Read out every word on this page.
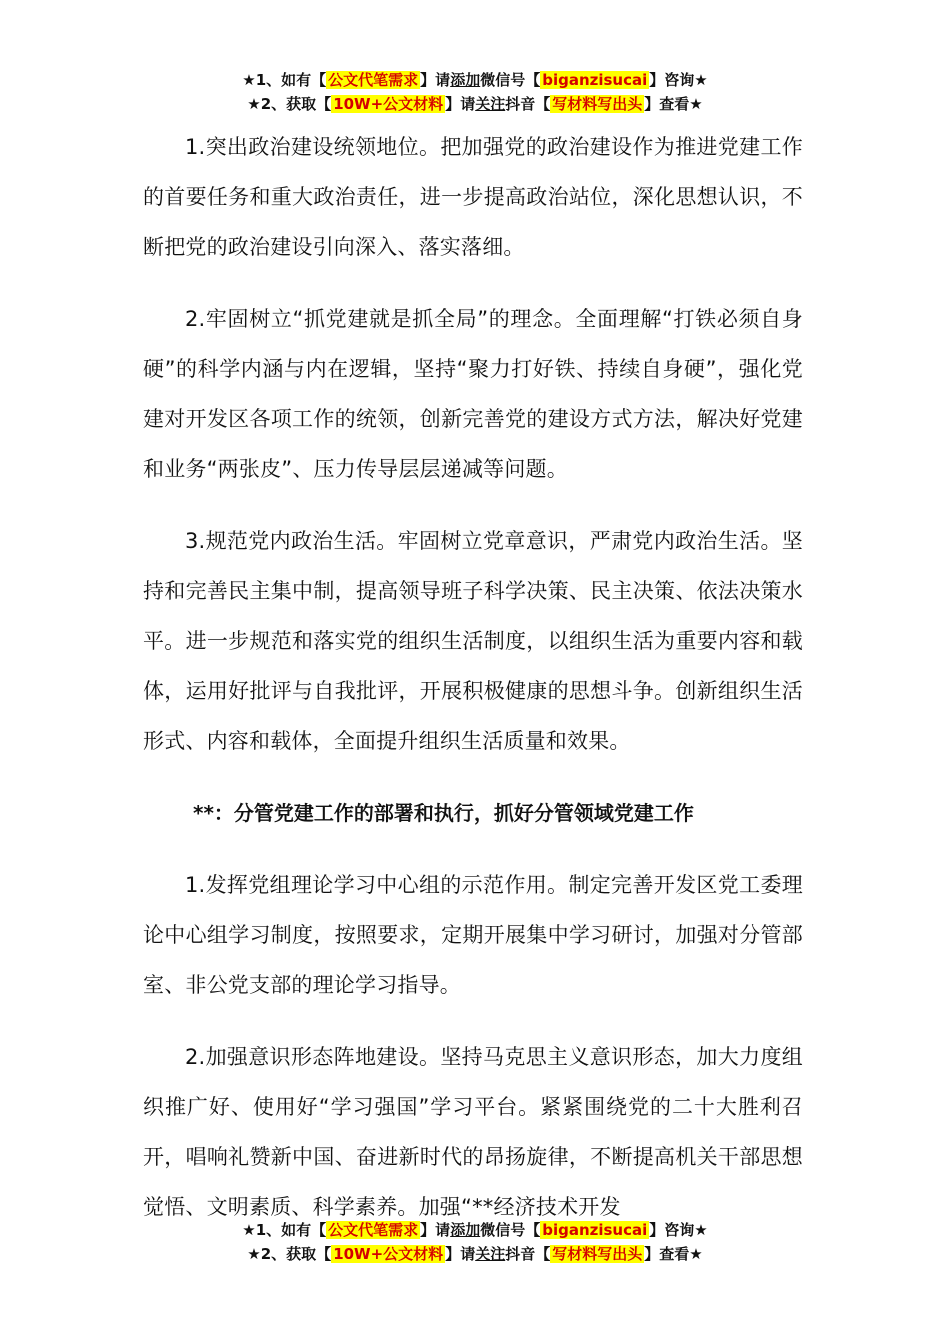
★1、如有【 公文代笔需求 】请添加微信号【 biganzisucai 】咨询★
★2、获取【 10W+公文材料 】请关注抖音【 写材料写出头 】查看★

1.突出政治建设统领地位。把加强党的政治建设作为推进党建工作的首要任务和重大政治责任，进一步提高政治站位，深化思想认识，不断把党的政治建设引向深入、落实落细。

2.牢固树立“抓党建就是抓全局”的理念。全面理解“打铁必须自身硬”的科学内涵与内在逻辑，坚持“聚力打好铁、持续自身硬”，强化党建对开发区各项工作的统领，创新完善党的建设方式方法，解决好党建和业务“两张皮”、压力传导层层递减等问题。

3.规范党内政治生活。牢固树立党章意识，严肃党内政治生活。坚持和完善民主集中制，提高领导班子科学决策、民主决策、依法决策水平。进一步规范和落实党的组织生活制度，以组织生活为重要内容和载体，运用好批评与自我批评，开展积极健康的思想斗争。创新组织生活形式、内容和载体，全面提升组织生活质量和效果。

**：分管党建工作的部署和执行，抓好分管领域党建工作

1.发挥党组理论学习中心组的示范作用。制定完善开发区党工委理论中心组学习制度，按照要求，定期开展集中学习研讨，加强对分管部室、非公党支部的理论学习指导。

2.加强意识形态阵地建设。坚持马克思主义意识形态，加大力度组织推广好、使用好“学习强国”学习平台。紧紧围绕党的二十大胜利召开，唱响礼赞新中国、奋进新时代的昂扬旋律，不断提高机关干部思想觉悟、文明素质、科学素养。加强“**经济技术开发

★1、如有【 公文代笔需求 】请添加微信号【 biganzisucai 】咨询★
★2、获取【 10W+公文材料 】请关注抖音【 写材料写出头 】查看★
